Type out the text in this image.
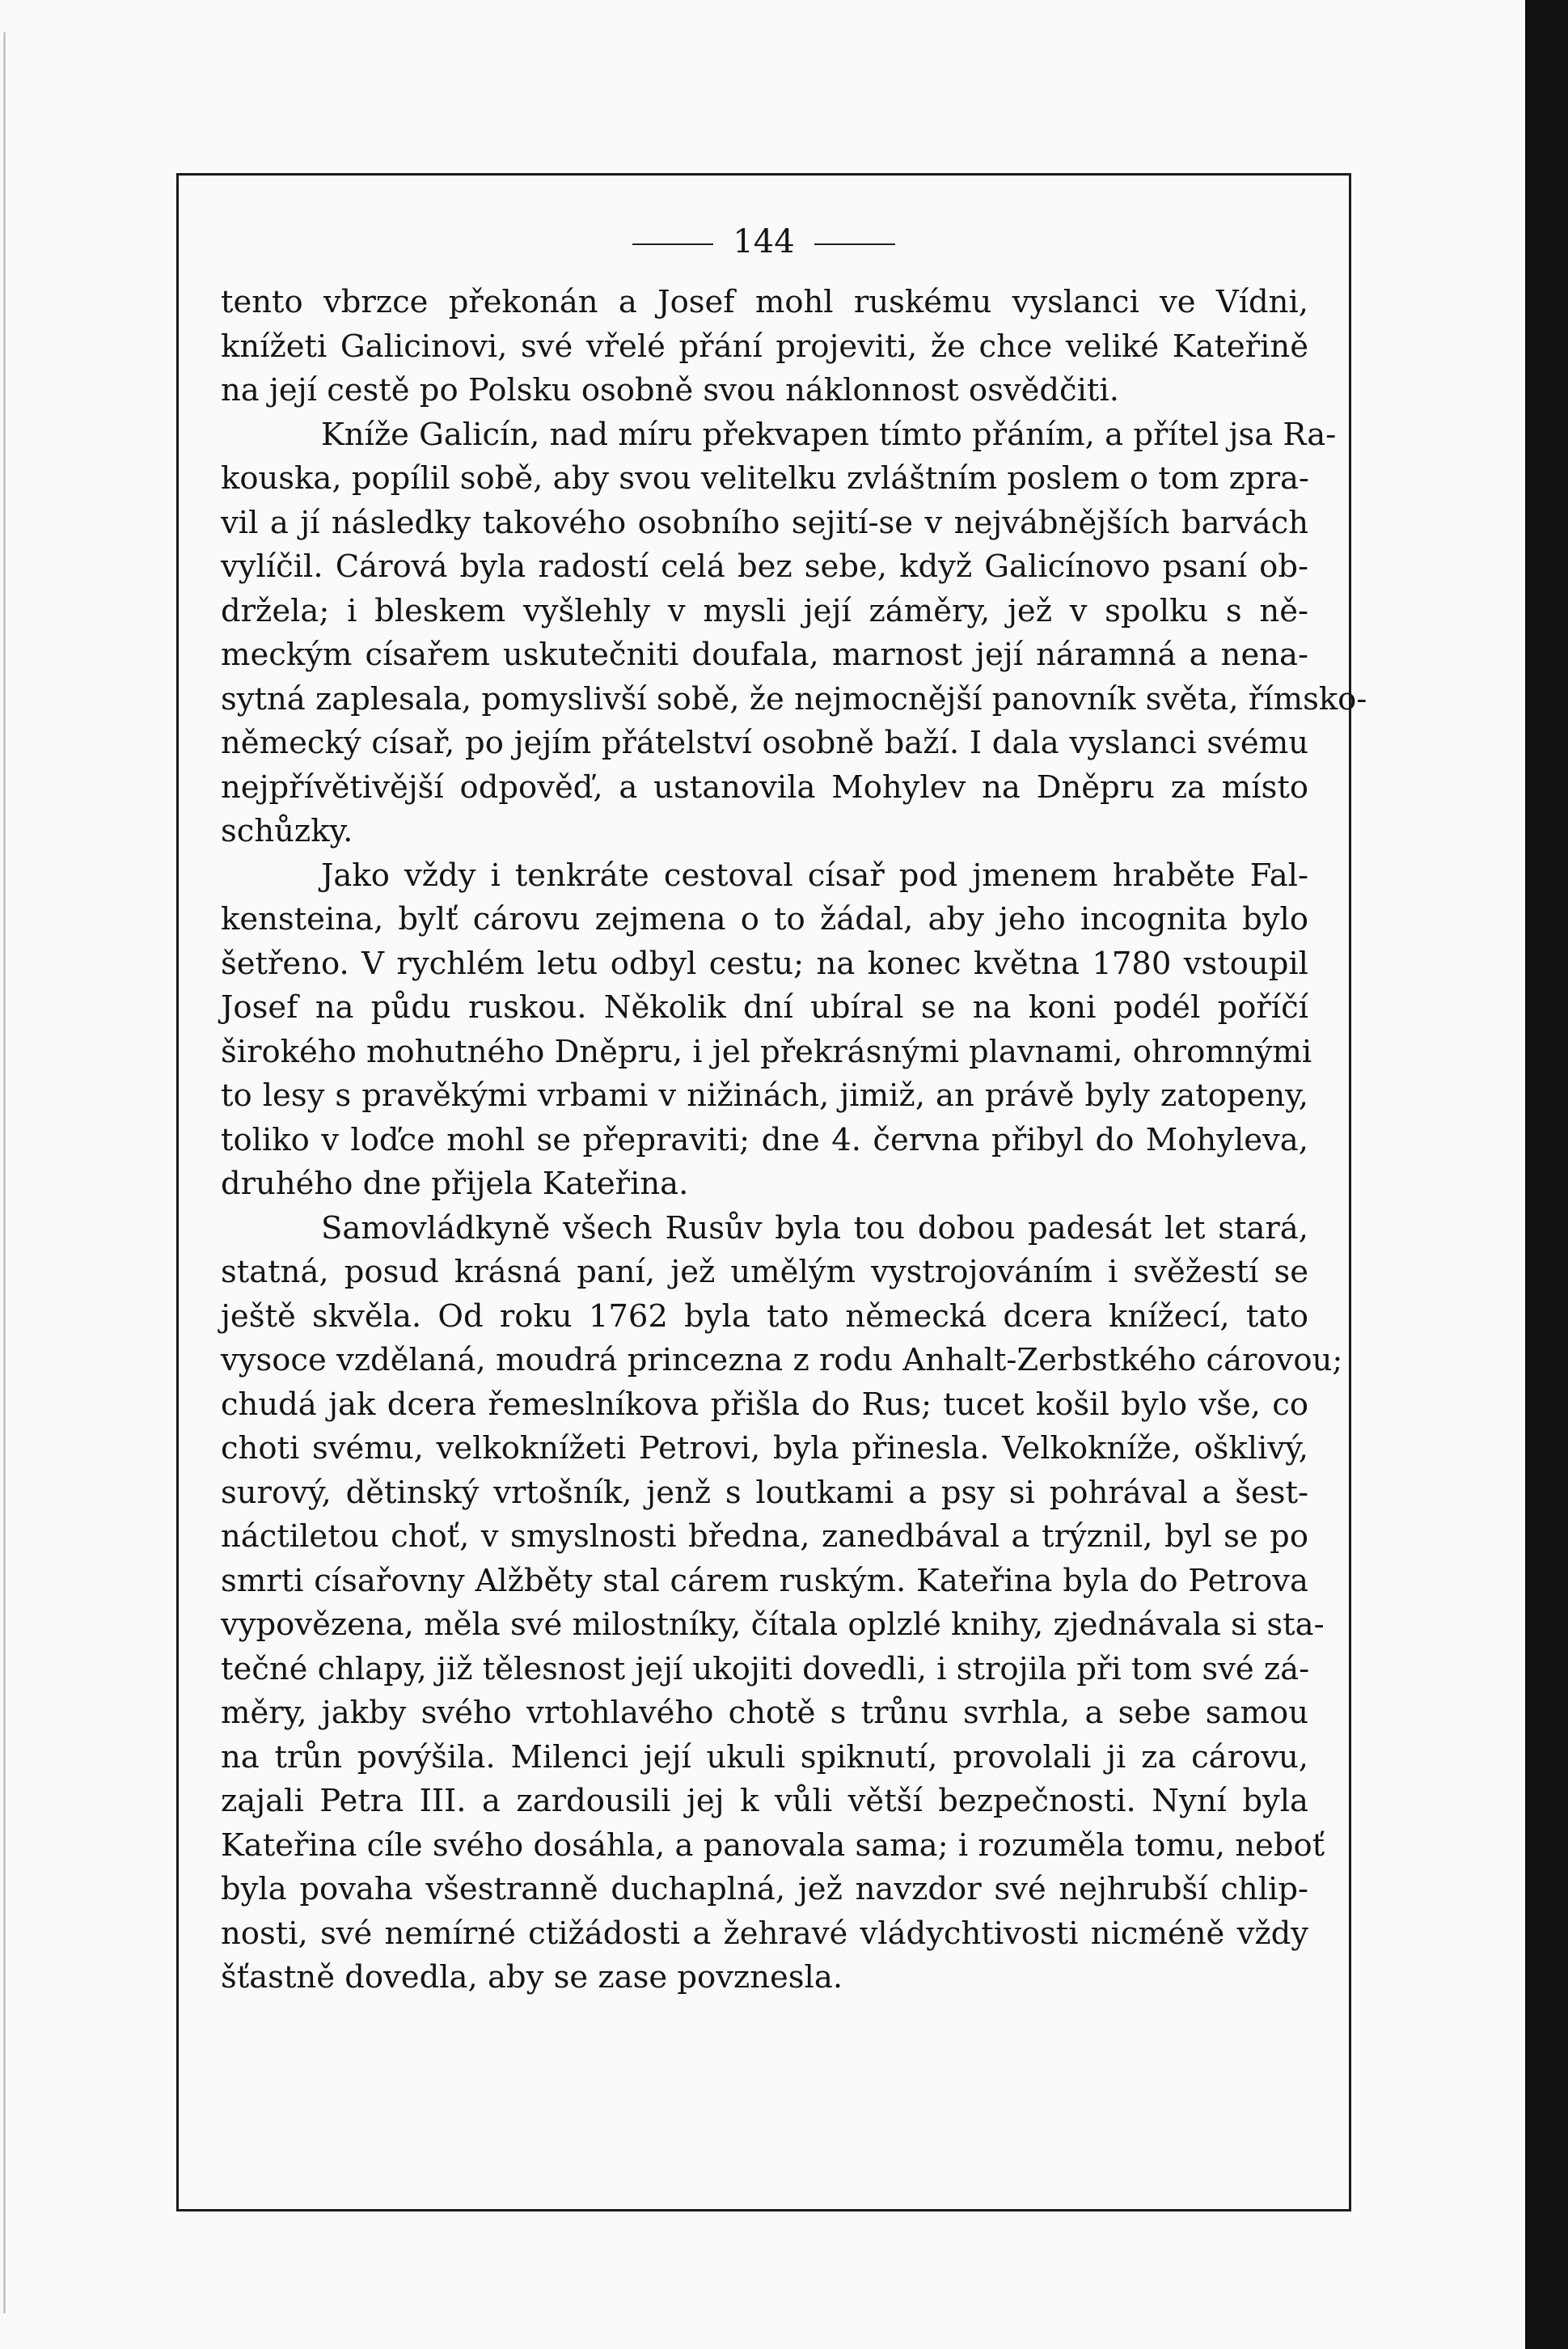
144
tento vbrzce překonán a Josef mohl ruskému vyslanci ve Vídni,
knížeti Galicinovi, své vřelé přání projeviti, že chce veliké Kateřině
na její cestě po Polsku osobně svou náklonnost osvědčiti.
Kníže Galicín, nad míru překvapen tímto přáním, a přítel jsa Ra-
kouska, popílil sobě, aby svou velitelku zvláštním poslem o tom zpra-
vil a jí následky takového osobního sejití-se v nejvábnějších barvách
vylíčil. Cárová byla radostí celá bez sebe, když Galicínovo psaní ob-
držela; i bleskem vyšlehly v mysli její záměry, jež v spolku s ně-
meckým císařem uskutečniti doufala, marnost její náramná a nena-
sytná zaplesala, pomyslivší sobě, že nejmocnější panovník světa, římsko-
německý císař, po jejím přátelství osobně baží. I dala vyslanci svému
nejpřívětivější odpověď, a ustanovila Mohylev na Dněpru za místo
schůzky.
Jako vždy i tenkráte cestoval císař pod jmenem hraběte Fal-
kensteina, bylť cárovu zejmena o to žádal, aby jeho incognita bylo
šetřeno. V rychlém letu odbyl cestu; na konec května 1780 vstoupil
Josef na půdu ruskou. Několik dní ubíral se na koni podél poříčí
širokého mohutného Dněpru, i jel překrásnými plavnami, ohromnými
to lesy s pravěkými vrbami v nižinách, jimiž, an právě byly zatopeny,
toliko v loďce mohl se přepraviti; dne 4. června přibyl do Mohyleva,
druhého dne přijela Kateřina.
Samovládkyně všech Rusův byla tou dobou padesát let stará,
statná, posud krásná paní, jež umělým vystrojováním i svěžestí se
ještě skvěla. Od roku 1762 byla tato německá dcera knížecí, tato
vysoce vzdělaná, moudrá princezna z rodu Anhalt-Zerbstkého cárovou;
chudá jak dcera řemeslníkova přišla do Rus; tucet košil bylo vše, co
choti svému, velkoknížeti Petrovi, byla přinesla. Velkokníže, ošklivý,
surový, dětinský vrtošník, jenž s loutkami a psy si pohrával a šest-
náctiletou choť, v smyslnosti bředna, zanedbával a trýznil, byl se po
smrti císařovny Alžběty stal cárem ruským. Kateřina byla do Petrova
vypovězena, měla své milostníky, čítala oplzlé knihy, zjednávala si sta-
tečné chlapy, již tělesnost její ukojiti dovedli, i strojila při tom své zá-
měry, jakby svého vrtohlavého chotě s trůnu svrhla, a sebe samou
na trůn povýšila. Milenci její ukuli spiknutí, provolali ji za cárovu,
zajali Petra III. a zardousili jej k vůli větší bezpečnosti. Nyní byla
Kateřina cíle svého dosáhla, a panovala sama; i rozuměla tomu, neboť
byla povaha všestranně duchaplná, jež navzdor své nejhrubší chlip-
nosti, své nemírné ctižádosti a žehravé vládychtivosti nicméně vždy
šťastně dovedla, aby se zase povznesla.
